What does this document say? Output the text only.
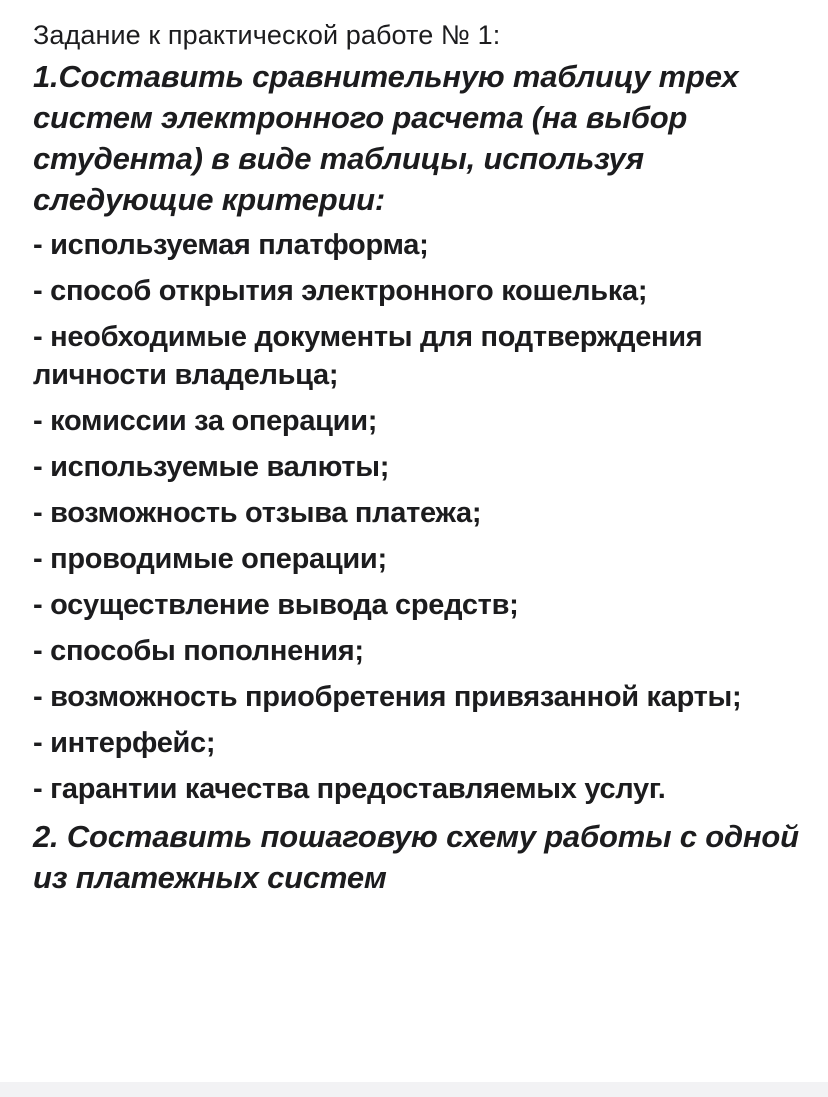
Задание к практической работе № 1:

1.Составить сравнительную таблицу трех систем электронного расчета (на выбор студента) в виде таблицы, используя следующие критерии:

- используемая платформа;
- способ открытия электронного кошелька;
- необходимые документы для подтверждения личности владельца;
- комиссии за операции;
- используемые валюты;
- возможность отзыва платежа;
- проводимые операции;
- осуществление вывода средств;
- способы пополнения;
- возможность приобретения привязанной карты;
- интерфейс;
- гарантии качества предоставляемых услуг.

2. Составить пошаговую схему работы с одной из платежных систем
